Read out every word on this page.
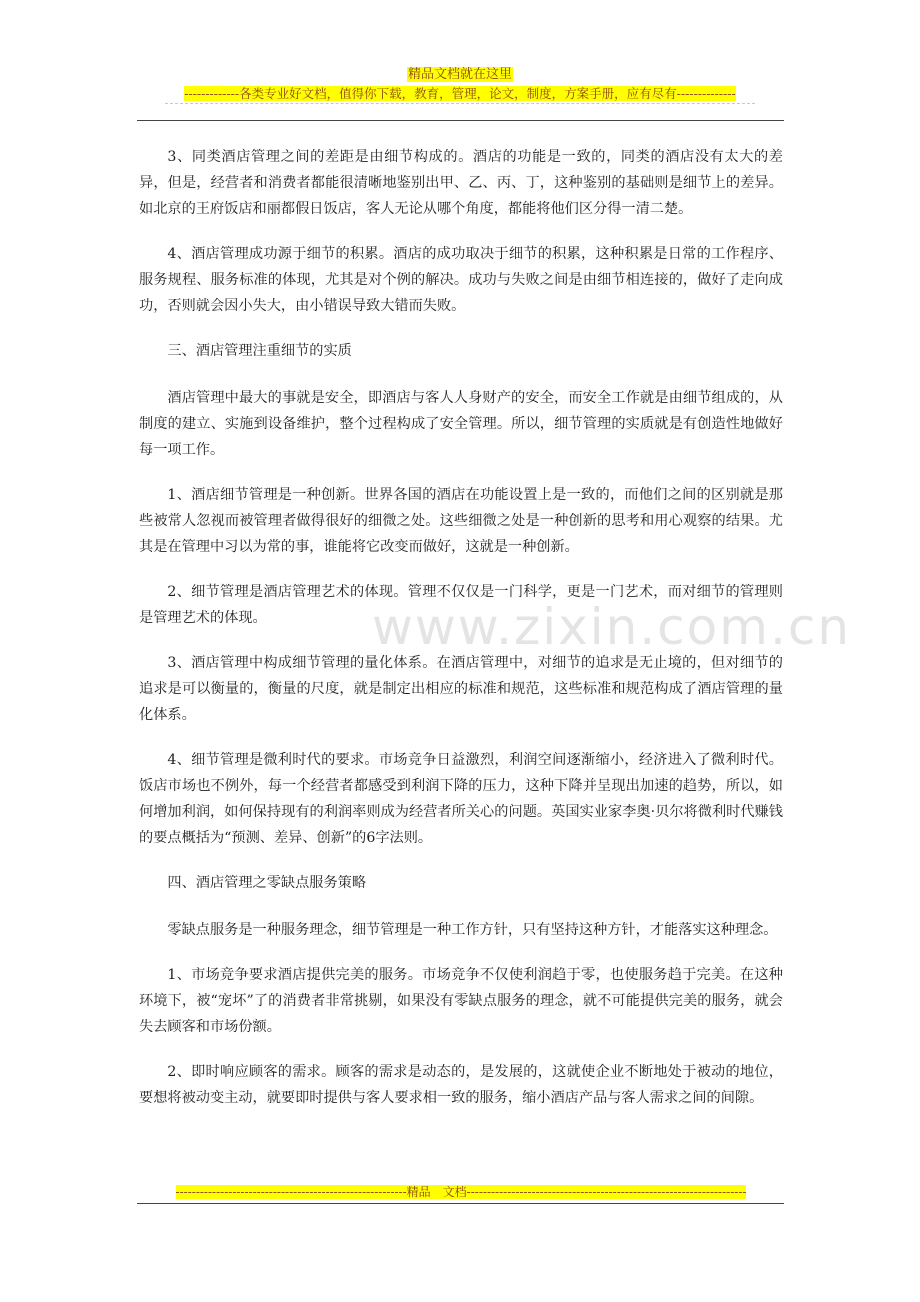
精品文档就在这里
-------------各类专业好文档，值得你下载，教育，管理，论文，制度，方案手册，应有尽有--------------

3、同类酒店管理之间的差距是由细节构成的。酒店的功能是一致的，同类的酒店没有太大的差异，但是，经营者和消费者都能很清晰地鉴别出甲、乙、丙、丁，这种鉴别的基础则是细节上的差异。如北京的王府饭店和丽都假日饭店，客人无论从哪个角度，都能将他们区分得一清二楚。

4、酒店管理成功源于细节的积累。酒店的成功取决于细节的积累，这种积累是日常的工作程序、服务规程、服务标准的体现，尤其是对个例的解决。成功与失败之间是由细节相连接的，做好了走向成功，否则就会因小失大，由小错误导致大错而失败。

三、酒店管理注重细节的实质

酒店管理中最大的事就是安全，即酒店与客人人身财产的安全，而安全工作就是由细节组成的，从制度的建立、实施到设备维护，整个过程构成了安全管理。所以，细节管理的实质就是有创造性地做好每一项工作。

1、酒店细节管理是一种创新。世界各国的酒店在功能设置上是一致的，而他们之间的区别就是那些被常人忽视而被管理者做得很好的细微之处。这些细微之处是一种创新的思考和用心观察的结果。尤其是在管理中习以为常的事，谁能将它改变而做好，这就是一种创新。

2、细节管理是酒店管理艺术的体现。管理不仅仅是一门科学，更是一门艺术，而对细节的管理则是管理艺术的体现。

3、酒店管理中构成细节管理的量化体系。在酒店管理中，对细节的追求是无止境的，但对细节的追求是可以衡量的，衡量的尺度，就是制定出相应的标准和规范，这些标准和规范构成了酒店管理的量化体系。

4、细节管理是微利时代的要求。市场竞争日益激烈，利润空间逐渐缩小，经济进入了微利时代。饭店市场也不例外，每一个经营者都感受到利润下降的压力，这种下降并呈现出加速的趋势，所以，如何增加利润，如何保持现有的利润率则成为经营者所关心的问题。英国实业家李奥·贝尔将微利时代赚钱的要点概括为“预测、差异、创新”的6字法则。

四、酒店管理之零缺点服务策略

零缺点服务是一种服务理念，细节管理是一种工作方针，只有坚持这种方针，才能落实这种理念。

1、市场竞争要求酒店提供完美的服务。市场竞争不仅使利润趋于零，也使服务趋于完美。在这种环境下，被“宠坏”了的消费者非常挑剔，如果没有零缺点服务的理念，就不可能提供完美的服务，就会失去顾客和市场份额。

2、即时响应顾客的需求。顾客的需求是动态的，是发展的，这就使企业不断地处于被动的地位，要想将被动变主动，就要即时提供与客人要求相一致的服务，缩小酒店产品与客人需求之间的间隙。

www.zixin.com.cn
---------------------------------------------------------精品　文档---------------------------------------------------------------------
